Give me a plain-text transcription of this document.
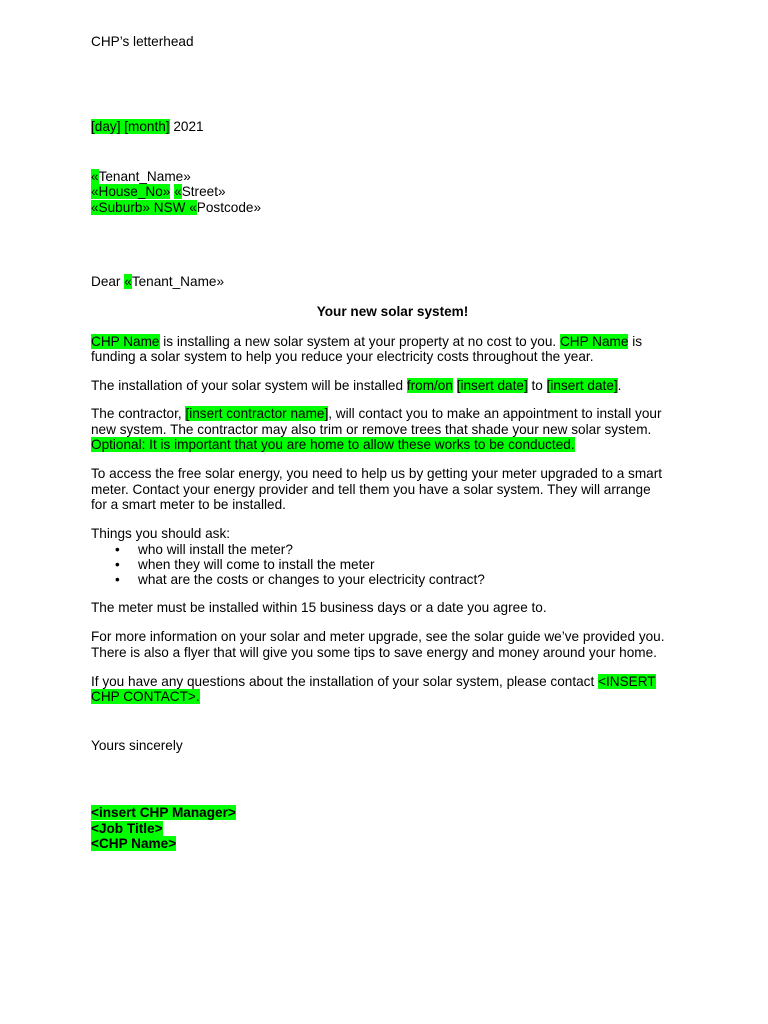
CHP’s letterhead
[day] [month] 2021
«Tenant_Name»
«House_No» «Street»
«Suburb» NSW «Postcode»
Dear «Tenant_Name»
Your new solar system!
CHP Name is installing a new solar system at your property at no cost to you. CHP Name is
funding a solar system to help you reduce your electricity costs throughout the year.
The installation of your solar system will be installed from/on [insert date] to [insert date].
The contractor, [insert contractor name], will contact you to make an appointment to install your
new system. The contractor may also trim or remove trees that shade your new solar system.
Optional: It is important that you are home to allow these works to be conducted.
To access the free solar energy, you need to help us by getting your meter upgraded to a smart
meter. Contact your energy provider and tell them you have a solar system. They will arrange
for a smart meter to be installed.
Things you should ask:
• who will install the meter?
• when they will come to install the meter
• what are the costs or changes to your electricity contract?
The meter must be installed within 15 business days or a date you agree to.
For more information on your solar and meter upgrade, see the solar guide we’ve provided you.
There is also a flyer that will give you some tips to save energy and money around your home.
If you have any questions about the installation of your solar system, please contact <INSERT
CHP CONTACT>.
Yours sincerely
<insert CHP Manager>
<Job Title>
<CHP Name>
